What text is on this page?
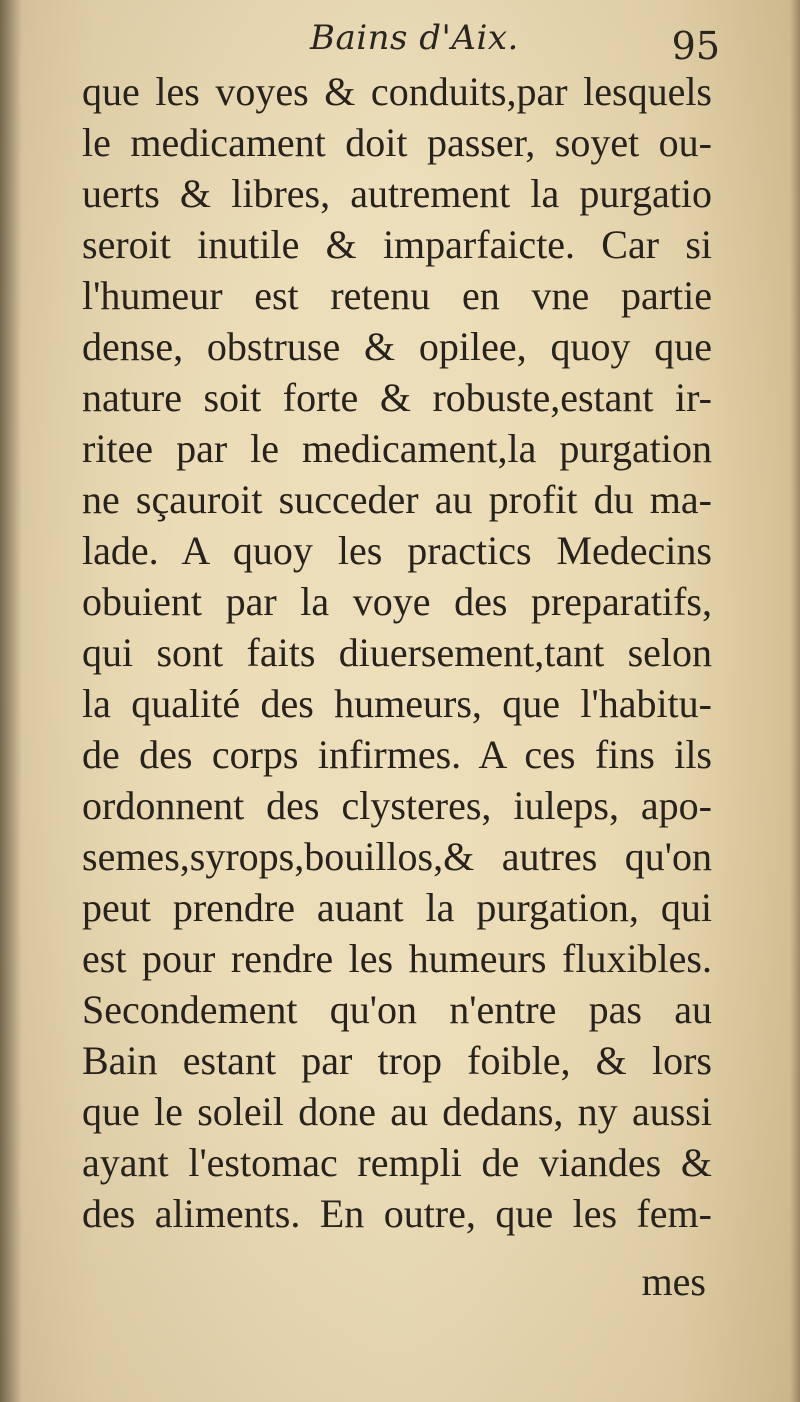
Bains d'Aix.	95
que les voyes & conduits,par lesquels
le medicament doit passer, soyet ou-
uerts & libres, autrement la purgatio
seroit inutile & imparfaicte. Car si
l'humeur est retenu en vne partie
dense, obstruse & opilee, quoy que
nature soit forte & robuste,estant ir-
ritee par le medicament,la purgation
ne sçauroit succeder au profit du ma-
lade. A quoy les practics Medecins
obuient par la voye des preparatifs,
qui sont faits diuersement,tant selon
la qualité des humeurs, que l'habitu-
de des corps infirmes. A ces fins ils
ordonnent des clysteres, iuleps, apo-
semes,syrops,bouillos,& autres qu'on
peut prendre auant la purgation, qui
est pour rendre les humeurs fluxibles.
Secondement qu'on n'entre pas au
Bain estant par trop foible, & lors
que le soleil done au dedans, ny aussi
ayant l'estomac rempli de viandes &
des aliments. En outre, que les fem-
mes
